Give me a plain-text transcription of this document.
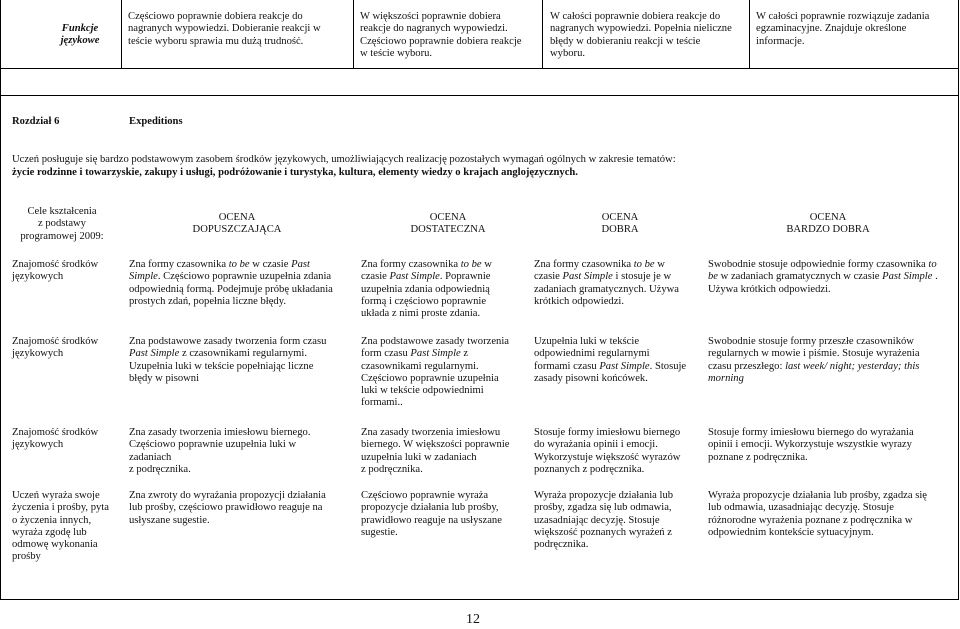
Funkcje
językowe
Częściowo poprawnie dobiera reakcje do
nagranych wypowiedzi. Dobieranie reakcji w
teście wyboru sprawia mu dużą trudność.
W większości poprawnie dobiera
reakcje do nagranych wypowiedzi.
Częściowo poprawnie dobiera reakcje
w teście wyboru.
W całości poprawnie dobiera reakcje do
nagranych wypowiedzi. Popełnia nieliczne
błędy w dobieraniu reakcji w teście
wyboru.
W całości poprawnie rozwiązuje zadania
egzaminacyjne. Znajduje określone
informacje.
Rozdział 6	Expeditions
Uczeń posługuje się bardzo podstawowym zasobem środków językowych, umożliwiających realizację pozostałych wymagań ogólnych w zakresie tematów:
życie rodzinne i towarzyskie, zakupy i usługi, podróżowanie i turystyka, kultura, elementy wiedzy o krajach anglojęzycznych.
Cele kształcenia
z podstawy
programowej 2009:
OCENA
DOPUSZCZAJĄCA
OCENA
DOSTATECZNA
OCENA
DOBRA
OCENA
BARDZO DOBRA
Znajomość środków
językowych
Zna formy czasownika to be w czasie Past
Simple. Częściowo poprawnie uzupełnia zdania
odpowiednią formą. Podejmuje próbę układania
prostych zdań, popełnia liczne błędy.
Zna formy czasownika to be w
czasie Past Simple. Poprawnie
uzupełnia zdania odpowiednią
formą i częściowo poprawnie
układa z nimi proste zdania.
Zna formy czasownika to be w
czasie Past Simple i stosuje je w
zadaniach gramatycznych. Używa
krótkich odpowiedzi.
Swobodnie stosuje odpowiednie formy czasownika to
be w zadaniach gramatycznych w czasie Past Simple .
Używa krótkich odpowiedzi.
Znajomość środków
językowych
Zna podstawowe zasady tworzenia form czasu
Past Simple z czasownikami regularnymi.
Uzupełnia luki w tekście popełniając liczne
błędy w pisowni
Zna podstawowe zasady tworzenia
form czasu Past Simple z
czasownikami regularnymi.
Częściowo poprawnie uzupełnia
luki w tekście odpowiednimi
formami..
Uzupełnia luki w tekście
odpowiednimi regularnymi
formami czasu Past Simple. Stosuje
zasady pisowni końcówek.
Swobodnie stosuje formy przeszłe czasowników
regularnych w mowie i piśmie. Stosuje wyrażenia
czasu przeszłego: last week/ night; yesterday; this
morning
Znajomość środków
językowych
Zna zasady tworzenia imiesłowu biernego.
Częściowo poprawnie uzupełnia luki w
zadaniach
z podręcznika.
Zna zasady tworzenia imiesłowu
biernego. W większości poprawnie
uzupełnia luki w zadaniach
z podręcznika.
Stosuje formy imiesłowu biernego
do wyrażania opinii i emocji.
Wykorzystuje większość wyrazów
poznanych z podręcznika.
Stosuje formy imiesłowu biernego do wyrażania
opinii i emocji. Wykorzystuje wszystkie wyrazy
poznane z podręcznika.
Uczeń wyraża swoje
życzenia i prośby, pyta
o życzenia innych,
wyraża zgodę lub
odmowę wykonania
prośby
Zna zwroty do wyrażania propozycji działania
lub prośby, częściowo prawidłowo reaguje na
usłyszane sugestie.
Częściowo poprawnie wyraża
propozycje działania lub prośby,
prawidłowo reaguje na usłyszane
sugestie.
Wyraża propozycje działania lub
prośby, zgadza się lub odmawia,
uzasadniając decyzję. Stosuje
większość poznanych wyrażeń z
podręcznika.
Wyraża propozycje działania lub prośby, zgadza się
lub odmawia, uzasadniając decyzję. Stosuje
różnorodne wyrażenia poznane z podręcznika w
odpowiednim kontekście sytuacyjnym.
12
